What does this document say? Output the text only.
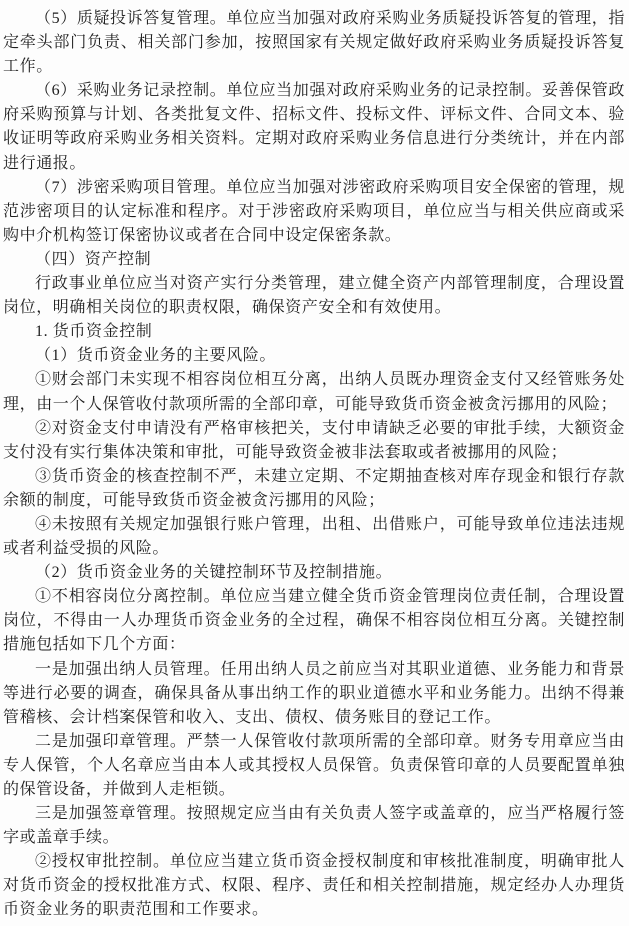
（5）质疑投诉答复管理。单位应当加强对政府采购业务质疑投诉答复的管理，指定牵头部门负责、相关部门参加，按照国家有关规定做好政府采购业务质疑投诉答复工作。

（6）采购业务记录控制。单位应当加强对政府采购业务的记录控制。妥善保管政府采购预算与计划、各类批复文件、招标文件、投标文件、评标文件、合同文本、验收证明等政府采购业务相关资料。定期对政府采购业务信息进行分类统计，并在内部进行通报。

（7）涉密采购项目管理。单位应当加强对涉密政府采购项目安全保密的管理，规范涉密项目的认定标准和程序。对于涉密政府采购项目，单位应当与相关供应商或采购中介机构签订保密协议或者在合同中设定保密条款。

（四）资产控制

行政事业单位应当对资产实行分类管理，建立健全资产内部管理制度，合理设置岗位，明确相关岗位的职责权限，确保资产安全和有效使用。

1. 货币资金控制

（1）货币资金业务的主要风险。

①财会部门未实现不相容岗位相互分离，出纳人员既办理资金支付又经管账务处理，由一个人保管收付款项所需的全部印章，可能导致货币资金被贪污挪用的风险；

②对资金支付申请没有严格审核把关，支付申请缺乏必要的审批手续，大额资金支付没有实行集体决策和审批，可能导致资金被非法套取或者被挪用的风险；

③货币资金的核查控制不严，未建立定期、不定期抽查核对库存现金和银行存款余额的制度，可能导致货币资金被贪污挪用的风险；

④未按照有关规定加强银行账户管理，出租、出借账户，可能导致单位违法违规或者利益受损的风险。

（2）货币资金业务的关键控制环节及控制措施。

①不相容岗位分离控制。单位应当建立健全货币资金管理岗位责任制，合理设置岗位，不得由一人办理货币资金业务的全过程，确保不相容岗位相互分离。关键控制措施包括如下几个方面：

一是加强出纳人员管理。任用出纳人员之前应当对其职业道德、业务能力和背景等进行必要的调查，确保具备从事出纳工作的职业道德水平和业务能力。出纳不得兼管稽核、会计档案保管和收入、支出、债权、债务账目的登记工作。

二是加强印章管理。严禁一人保管收付款项所需的全部印章。财务专用章应当由专人保管，个人名章应当由本人或其授权人员保管。负责保管印章的人员要配置单独的保管设备，并做到人走柜锁。

三是加强签章管理。按照规定应当由有关负责人签字或盖章的，应当严格履行签字或盖章手续。

②授权审批控制。单位应当建立货币资金授权制度和审核批准制度，明确审批人对货币资金的授权批准方式、权限、程序、责任和相关控制措施，规定经办人办理货币资金业务的职责范围和工作要求。
